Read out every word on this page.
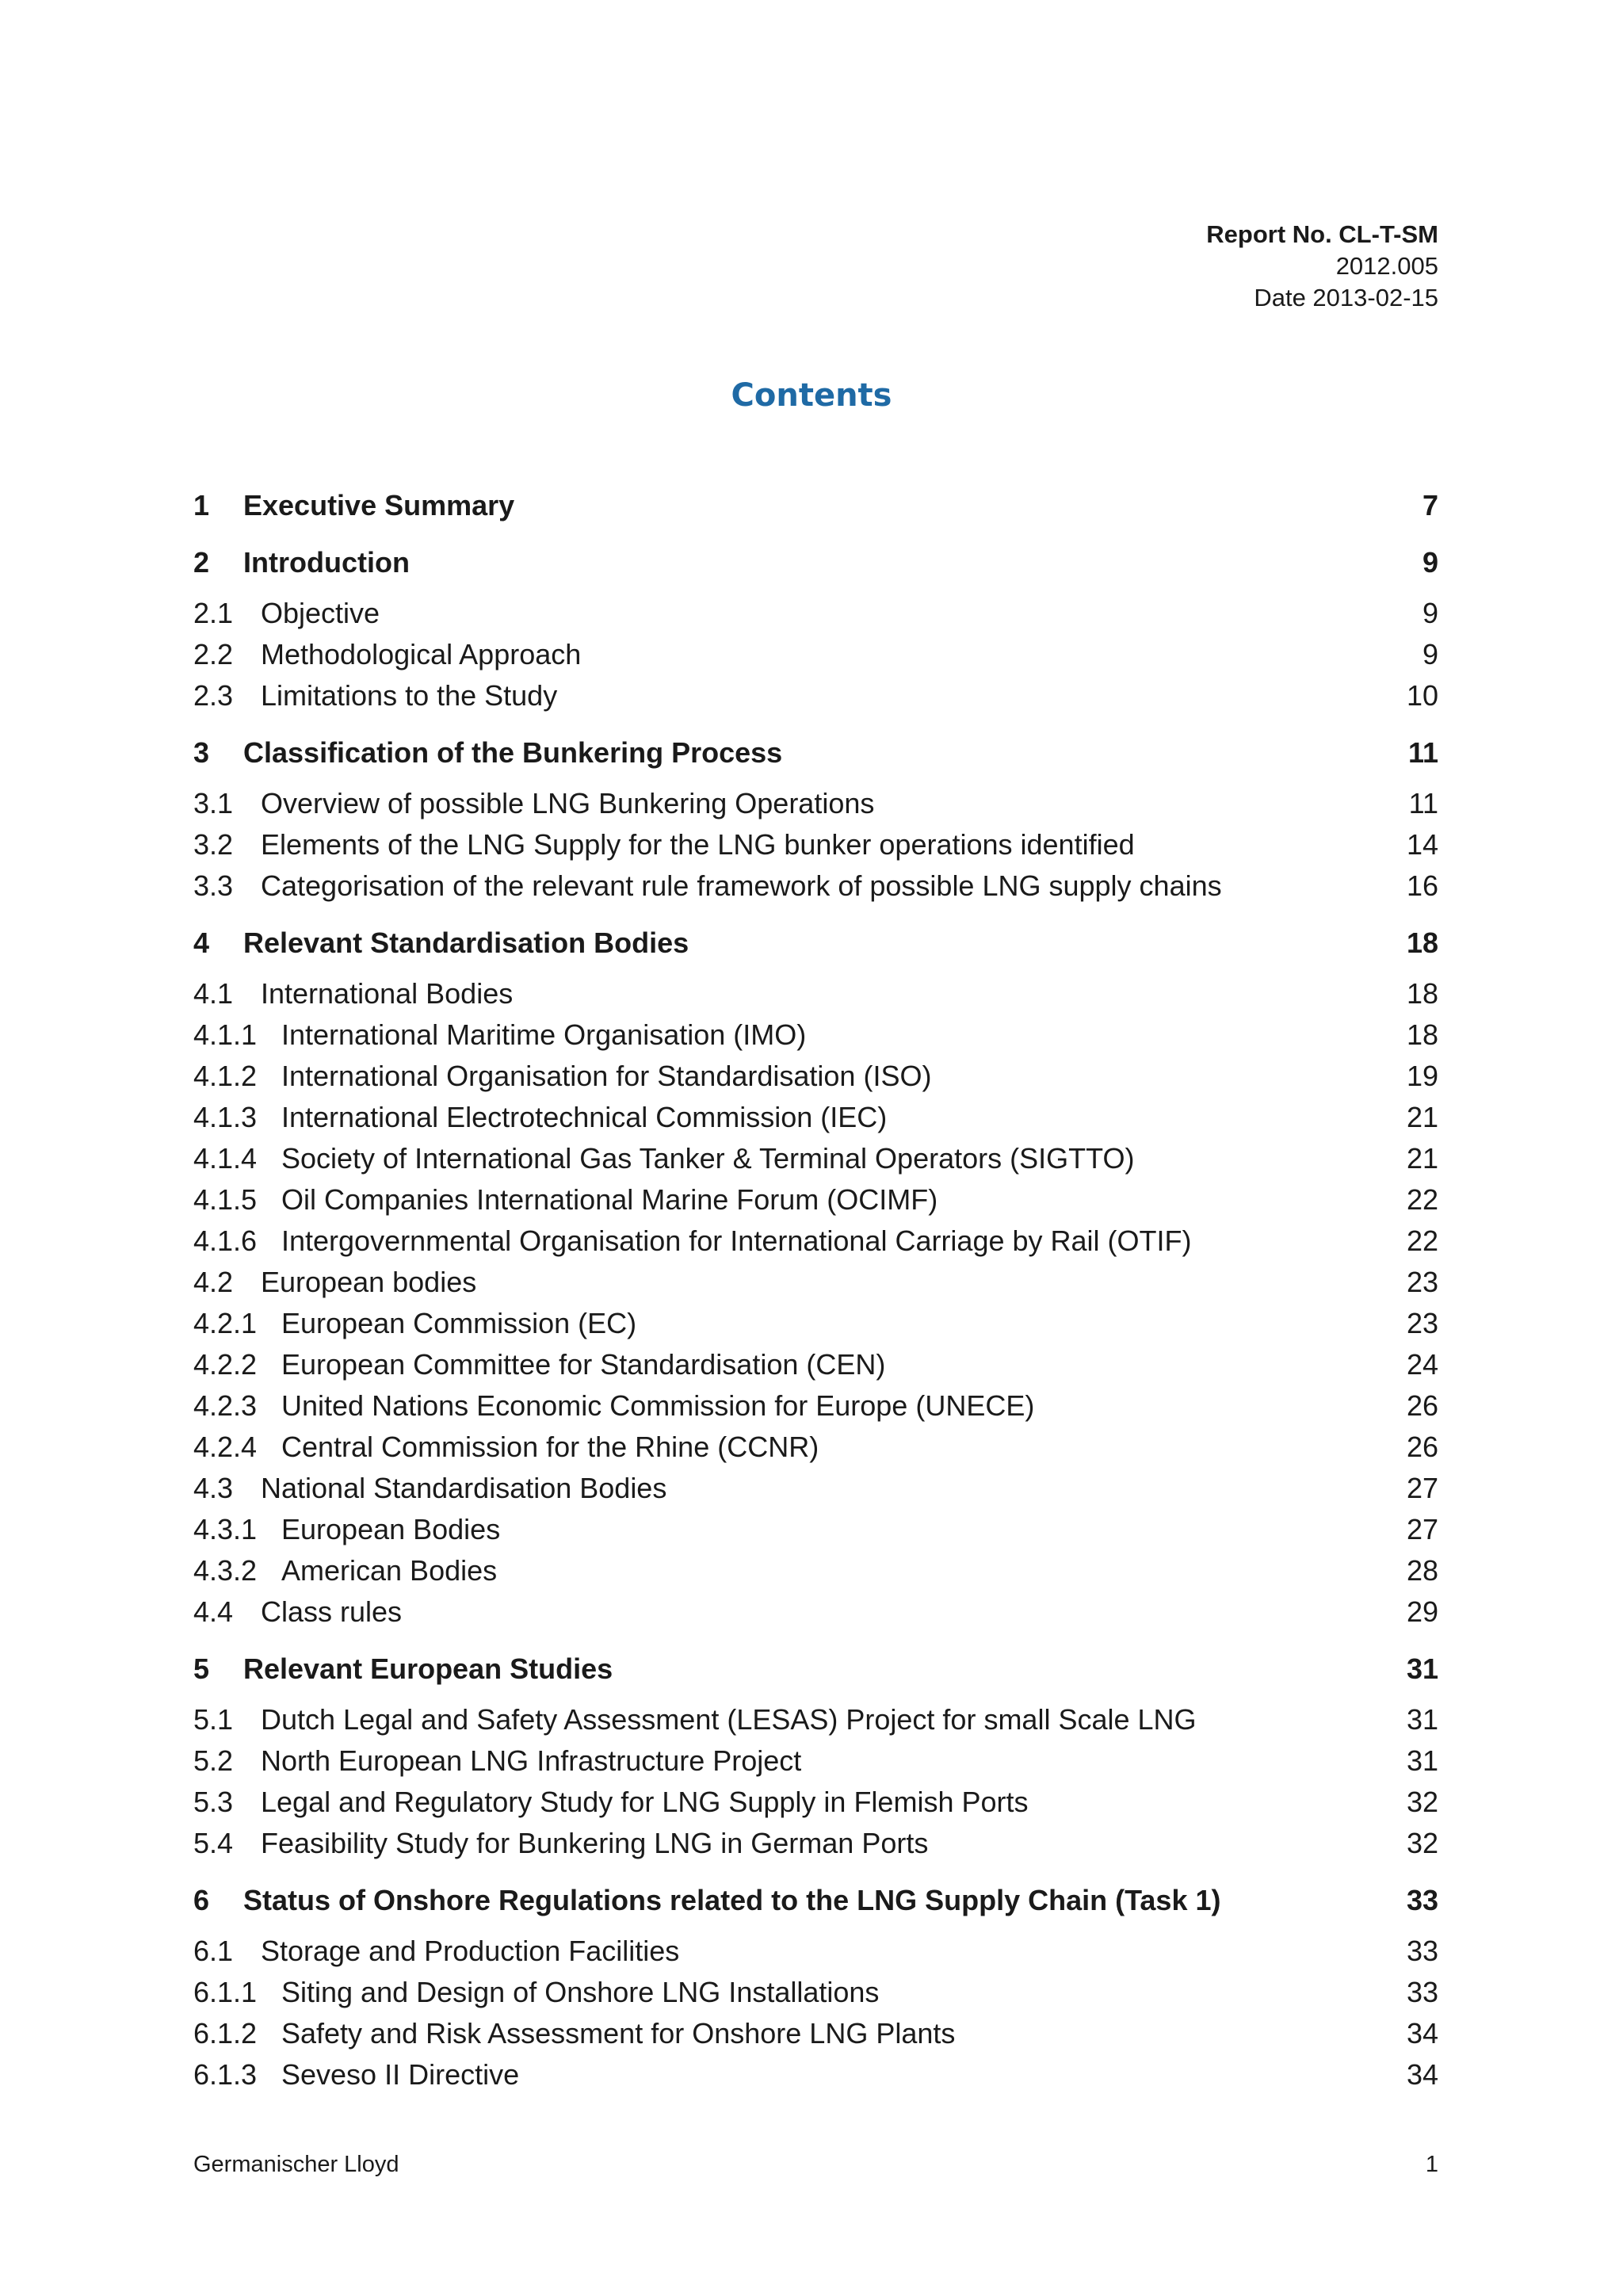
Report No. CL-T-SM
2012.005
Date 2013-02-15
Contents
1 Executive Summary	7
2 Introduction	9
2.1 Objective	9
2.2 Methodological Approach	9
2.3 Limitations to the Study	10
3 Classification of the Bunkering Process	11
3.1 Overview of possible LNG Bunkering Operations	11
3.2 Elements of the LNG Supply for the LNG bunker operations identified	14
3.3 Categorisation of the relevant rule framework of possible LNG supply chains	16
4 Relevant Standardisation Bodies	18
4.1 International Bodies	18
4.1.1 International Maritime Organisation (IMO)	18
4.1.2 International Organisation for Standardisation (ISO)	19
4.1.3 International Electrotechnical Commission (IEC)	21
4.1.4 Society of International Gas Tanker & Terminal Operators (SIGTTO)	21
4.1.5 Oil Companies International Marine Forum (OCIMF)	22
4.1.6 Intergovernmental Organisation for International Carriage by Rail (OTIF)	22
4.2 European bodies	23
4.2.1 European Commission (EC)	23
4.2.2 European Committee for Standardisation (CEN)	24
4.2.3 United Nations Economic Commission for Europe (UNECE)	26
4.2.4 Central Commission for the Rhine (CCNR)	26
4.3 National Standardisation Bodies	27
4.3.1 European Bodies	27
4.3.2 American Bodies	28
4.4 Class rules	29
5 Relevant European Studies	31
5.1 Dutch Legal and Safety Assessment (LESAS) Project for small Scale LNG	31
5.2 North European LNG Infrastructure Project	31
5.3 Legal and Regulatory Study for LNG Supply in Flemish Ports	32
5.4 Feasibility Study for Bunkering LNG in German Ports	32
6 Status of Onshore Regulations related to the LNG Supply Chain (Task 1)	33
6.1 Storage and Production Facilities	33
6.1.1 Siting and Design of Onshore LNG Installations	33
6.1.2 Safety and Risk Assessment for Onshore LNG Plants	34
6.1.3 Seveso II Directive	34
Germanischer Lloyd	1
